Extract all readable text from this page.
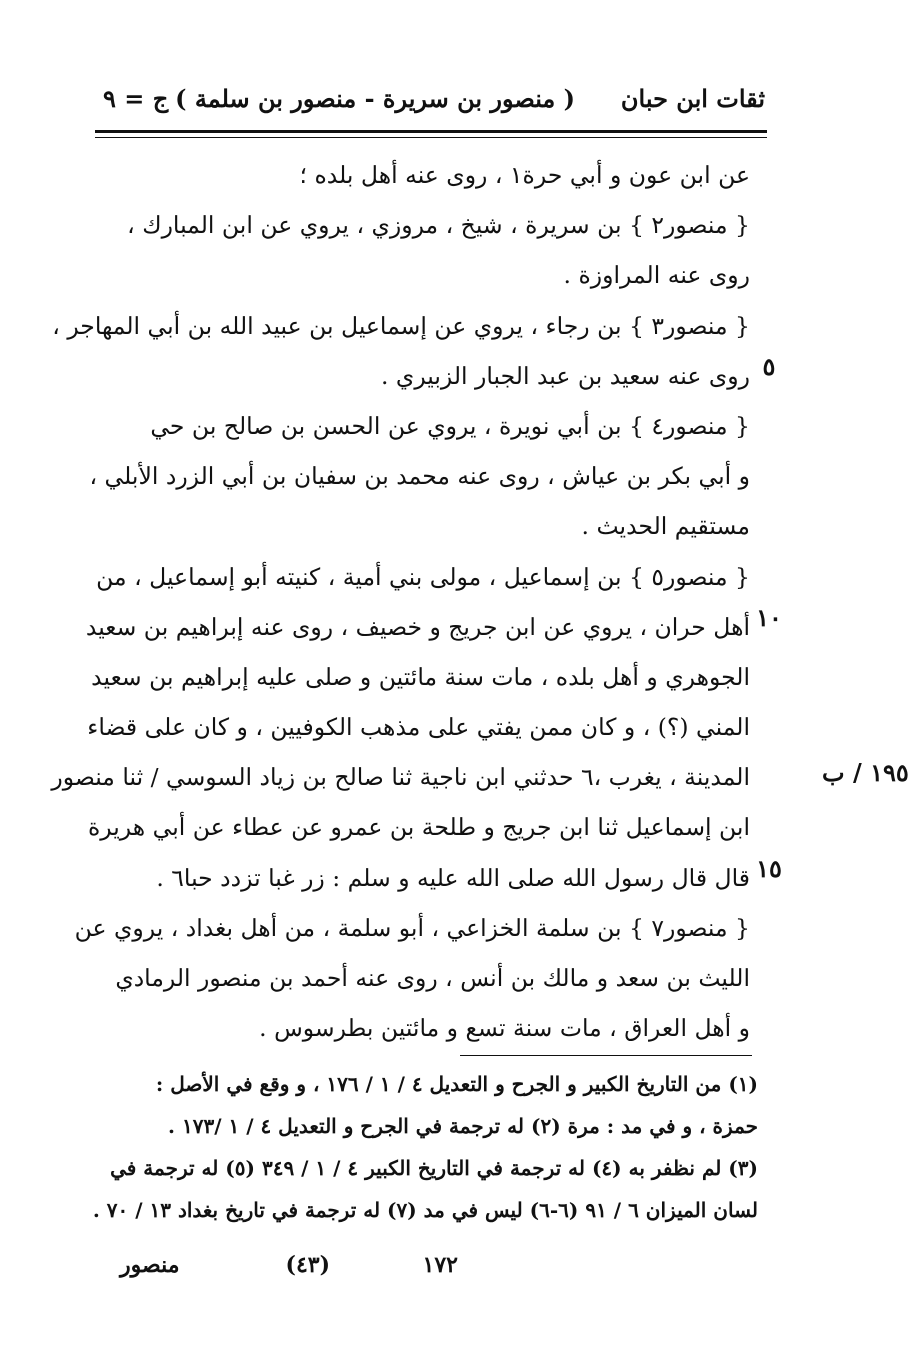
ثقات ابن حبان
( منصور بن سريرة - منصور بن سلمة )
ج = ٩
عن ابن عون و أبي حرة١ ، روى عنه أهل بلده ؛
{ منصور٢ } بن سريرة ، شيخ ، مروزي ، يروي عن ابن المبارك ،
روى عنه المراوزة .
{ منصور٣ } بن رجاء ، يروي عن إسماعيل بن عبيد الله بن أبي المهاجر ،
روى عنه سعيد بن عبد الجبار الزبيري .
{ منصور٤ } بن أبي نويرة ، يروي عن الحسن بن صالح بن حي
و أبي بكر بن عياش ، روى عنه محمد بن سفيان بن أبي الزرد الأبلي ،
مستقيم الحديث .
{ منصور٥ } بن إسماعيل ، مولى بني أمية ، كنيته أبو إسماعيل ، من
أهل حران ، يروي عن ابن جريج و خصيف ، روى عنه إبراهيم بن سعيد
الجوهري و أهل بلده ، مات سنة مائتين و صلى عليه إبراهيم بن سعيد
المني (؟) ، و كان ممن يفتي على مذهب الكوفيين ، و كان على قضاء
المدينة ، يغرب ،٦ حدثني ابن ناجية ثنا صالح بن زياد السوسي / ثنا منصور
ابن إسماعيل ثنا ابن جريج و طلحة بن عمرو عن عطاء عن أبي هريرة
قال قال رسول الله صلى الله عليه و سلم : زر غبا تزدد حبا٦ .
{ منصور٧ } بن سلمة الخزاعي ، أبو سلمة ، من أهل بغداد ، يروي عن
الليث بن سعد و مالك بن أنس ، روى عنه أحمد بن منصور الرمادي
و أهل العراق ، مات سنة تسع و مائتين بطرسوس .
٥
١٠
١٥
١٩٥ / ب
(١) من التاريخ الكبير و الجرح و التعديل ٤ / ١ / ١٧٦ ، و وقع في الأصل :
حمزة ، و في مد : مرة (٢) له ترجمة في الجرح و التعديل ٤ / ١ /١٧٣ .
(٣) لم نظفر به (٤) له ترجمة في التاريخ الكبير ٤ / ١ / ٣٤٩ (٥) له ترجمة في
لسان الميزان ٦ / ٩١ (٦-٦) ليس في مد (٧) له ترجمة في تاريخ بغداد ١٣ / ٧٠ .
١٧٢
(٤٣)
منصور
